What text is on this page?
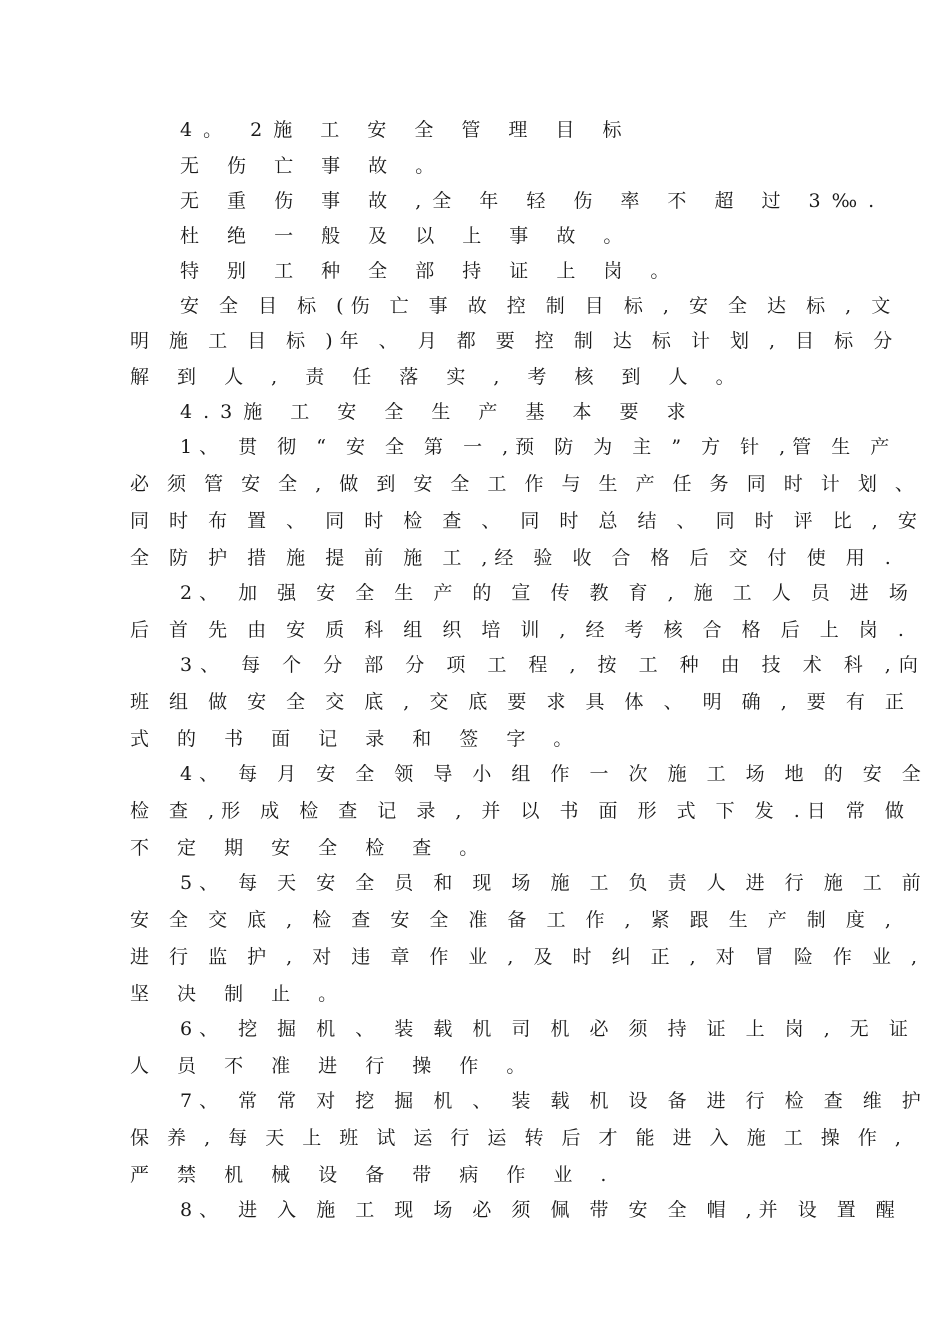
4。 2施 工 安 全 管 理 目 标
无 伤 亡 事 故 。
无 重 伤 事 故 ,全 年 轻 伤 率 不 超 过 3‰.
杜 绝 一 般 及 以 上 事 故 。
特 别 工 种 全 部 持 证 上 岗 。
安 全 目 标 (伤 亡 事 故 控 制 目 标 , 安 全 达 标 , 文
明 施 工 目 标 )年 、 月 都 要 控 制 达 标 计 划 , 目 标 分
解 到 人 , 责 任 落 实 , 考 核 到 人 。
4.3施 工 安 全 生 产 基 本 要 求
1、 贯 彻 “ 安 全 第 一 ,预 防 为 主 ” 方 针 ,管 生 产
必 须 管 安 全 , 做 到 安 全 工 作 与 生 产 任 务 同 时 计 划 、
同 时 布 置 、 同 时 检 查 、 同 时 总 结 、 同 时 评 比 , 安
全 防 护 措 施 提 前 施 工 ,经 验 收 合 格 后 交 付 使 用 .
2、 加 强 安 全 生 产 的 宣 传 教 育 , 施 工 人 员 进 场
后 首 先 由 安 质 科 组 织 培 训 , 经 考 核 合 格 后 上 岗 .
3、 每 个 分 部 分 项 工 程 , 按 工 种 由 技 术 科 ,向
班 组 做 安 全 交 底 , 交 底 要 求 具 体 、 明 确 , 要 有 正
式 的 书 面 记 录 和 签 字 。
4、 每 月 安 全 领 导 小 组 作 一 次 施 工 场 地 的 安 全
检 查 ,形 成 检 查 记 录 , 并 以 书 面 形 式 下 发 .日 常 做
不 定 期 安 全 检 查 。
5、 每 天 安 全 员 和 现 场 施 工 负 责 人 进 行 施 工 前
安 全 交 底 , 检 查 安 全 准 备 工 作 , 紧 跟 生 产 制 度 ,
进 行 监 护 , 对 违 章 作 业 , 及 时 纠 正 , 对 冒 险 作 业 ,
坚 决 制 止 。
6、 挖 掘 机 、 装 载 机 司 机 必 须 持 证 上 岗 , 无 证
人 员 不 准 进 行 操 作 。
7、 常 常 对 挖 掘 机 、 装 载 机 设 备 进 行 检 查 维 护
保 养 , 每 天 上 班 试 运 行 运 转 后 才 能 进 入 施 工 操 作 ,
严 禁 机 械 设 备 带 病 作 业 .
8、 进 入 施 工 现 场 必 须 佩 带 安 全 帽 ,并 设 置 醒
